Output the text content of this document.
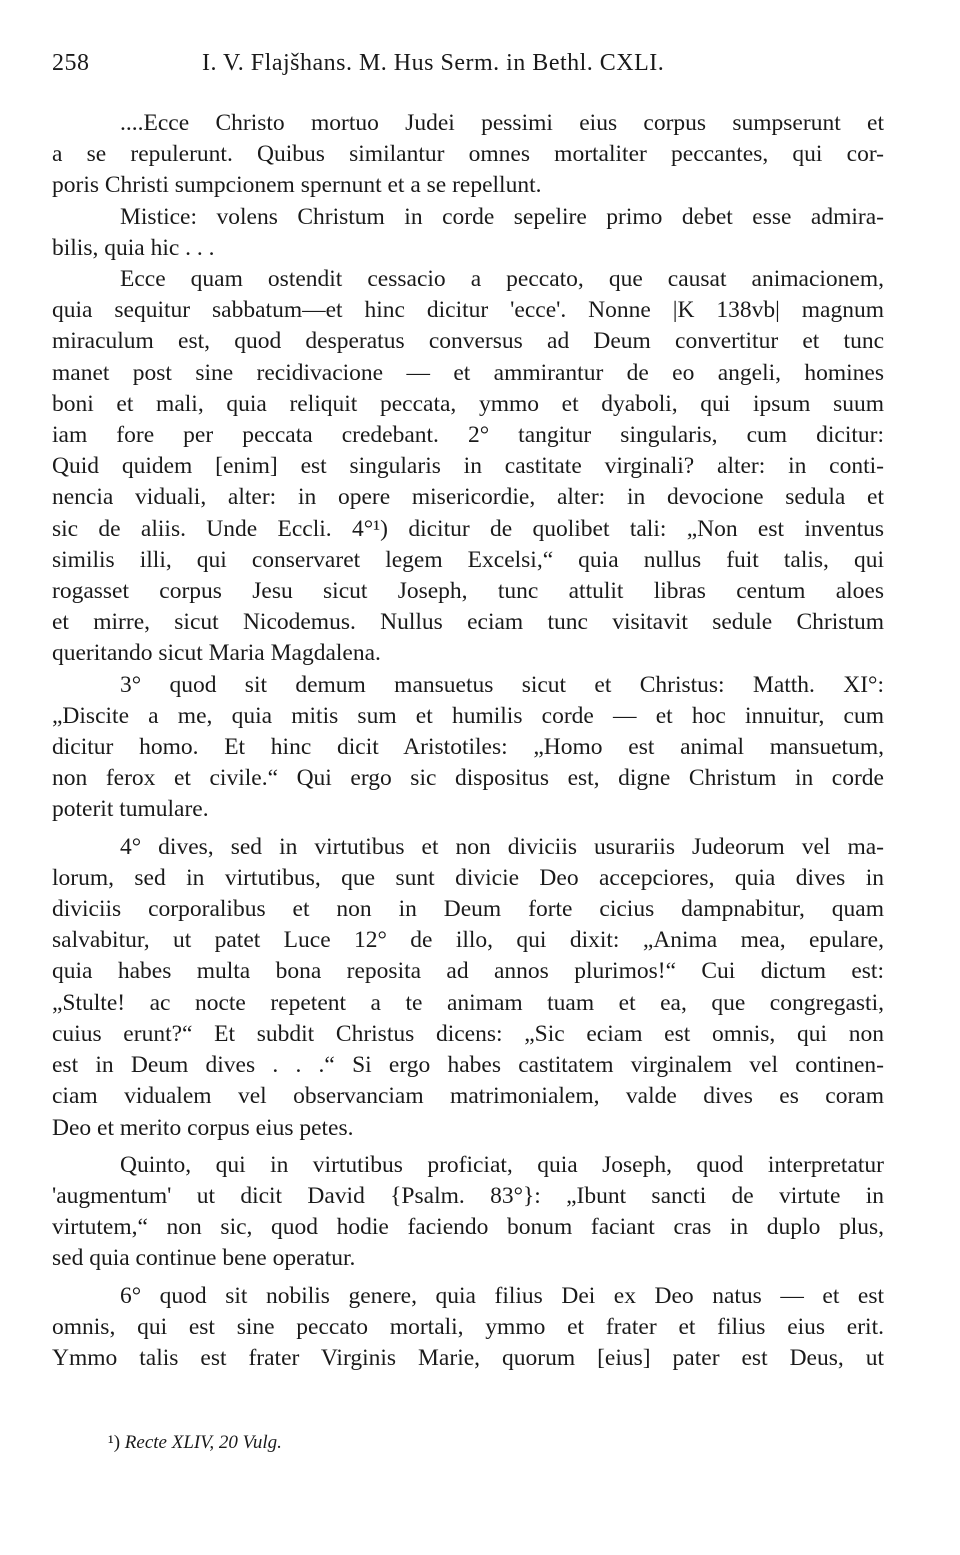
258	I. V. Flajšhans. M. Hus Serm. in Bethl. CXLI.
....Ecce Christo mortuo Judei pessimi eius corpus sumpserunt et
a se repulerunt. Quibus similantur omnes mortaliter peccantes, qui cor-
poris Christi sumpcionem spernunt et a se repellunt.
Mistice: volens Christum in corde sepelire primo debet esse admira-
bilis, quia hic . . .
Ecce quam ostendit cessacio a peccato, que causat animacionem,
quia sequitur sabbatum—et hinc dicitur 'ecce'. Nonne |K 138vb| magnum
miraculum est, quod desperatus conversus ad Deum convertitur et tunc
manet post sine recidivacione — et ammirantur de eo angeli, homines
boni et mali, quia reliquit peccata, ymmo et dyaboli, qui ipsum suum
iam fore per peccata credebant. 2° tangitur singularis, cum dicitur:
Quid quidem [enim] est singularis in castitate virginali? alter: in conti-
nencia viduali, alter: in opere misericordie, alter: in devocione sedula et
sic de aliis. Unde Eccli. 4°¹) dicitur de quolibet tali: „Non est inventus
similis illi, qui conservaret legem Excelsi,“ quia nullus fuit talis, qui
rogasset corpus Jesu sicut Joseph, tunc attulit libras centum aloes
et mirre, sicut Nicodemus. Nullus eciam tunc visitavit sedule Christum
queritando sicut Maria Magdalena.
3° quod sit demum mansuetus sicut et Christus: Matth. XI°:
„Discite a me, quia mitis sum et humilis corde — et hoc innuitur, cum
dicitur homo. Et hinc dicit Aristotiles: „Homo est animal mansuetum,
non ferox et civile.“ Qui ergo sic dispositus est, digne Christum in corde
poterit tumulare.
4° dives, sed in virtutibus et non diviciis usurariis Judeorum vel ma-
lorum, sed in virtutibus, que sunt divicie Deo accepciores, quia dives in
diviciis corporalibus et non in Deum forte cicius dampnabitur, quam
salvabitur, ut patet Luce 12° de illo, qui dixit: „Anima mea, epulare,
quia habes multa bona reposita ad annos plurimos!“ Cui dictum est:
„Stulte! ac nocte repetent a te animam tuam et ea, que congregasti,
cuius erunt?“ Et subdit Christus dicens: „Sic eciam est omnis, qui non
est in Deum dives . . .“ Si ergo habes castitatem virginalem vel continen-
ciam vidualem vel observanciam matrimonialem, valde dives es coram
Deo et merito corpus eius petes.
Quinto, qui in virtutibus proficiat, quia Joseph, quod interpretatur
'augmentum' ut dicit David {Psalm. 83°}: „Ibunt sancti de virtute in
virtutem,“ non sic, quod hodie faciendo bonum faciant cras in duplo plus,
sed quia continue bene operatur.
6° quod sit nobilis genere, quia filius Dei ex Deo natus — et est
omnis, qui est sine peccato mortali, ymmo et frater et filius eius erit.
Ymmo talis est frater Virginis Marie, quorum [eius] pater est Deus, ut
¹) Recte XLIV, 20 Vulg.
